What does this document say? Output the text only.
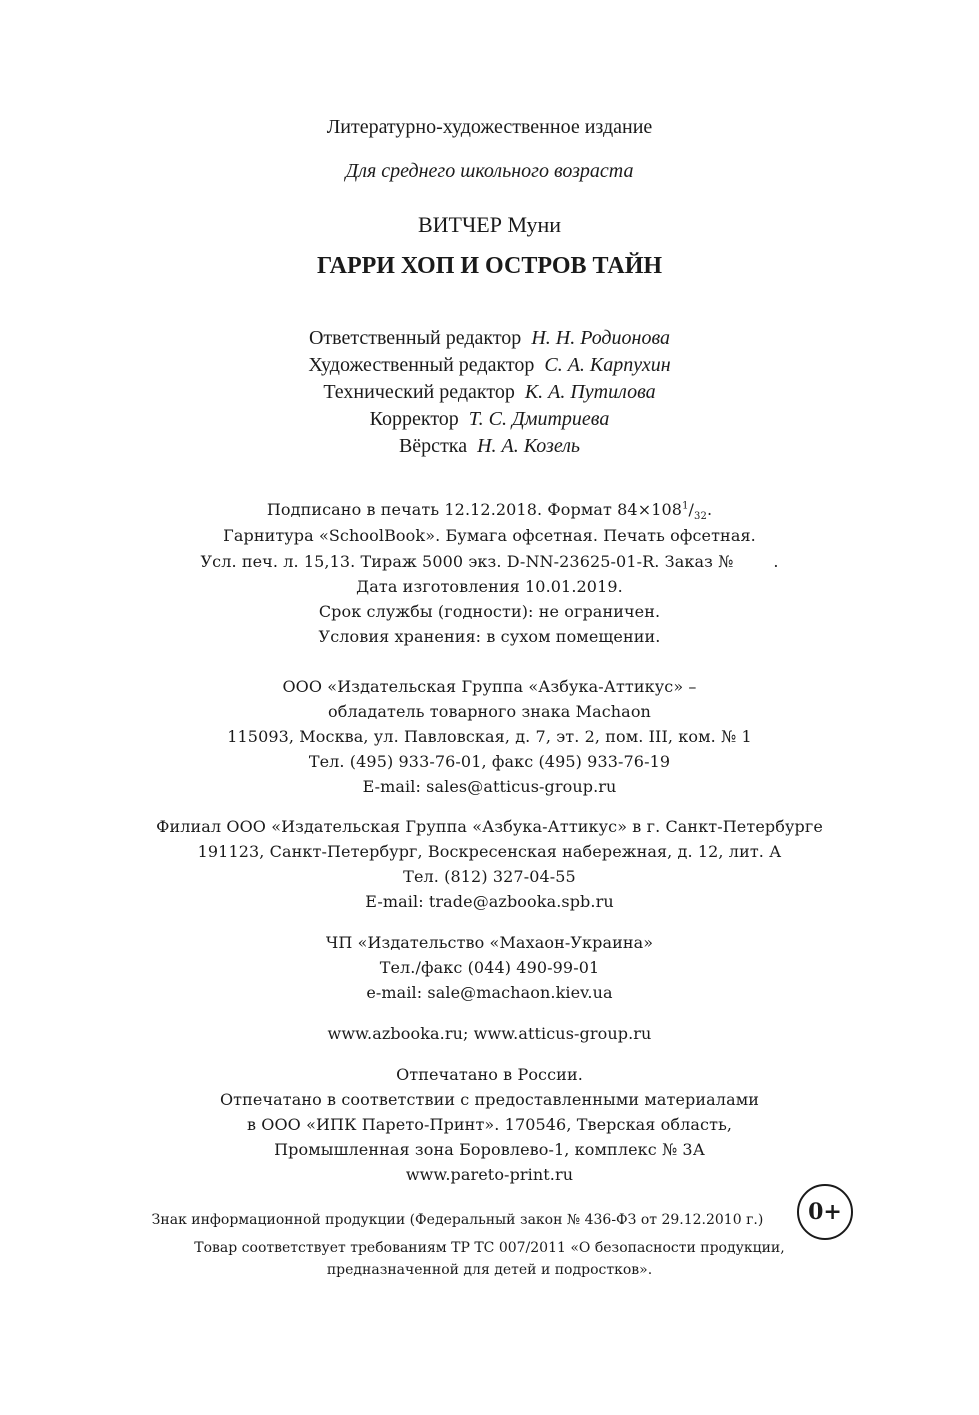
Литературно-художественное издание
Для среднего школьного возраста
ВИТЧЕР Муни
ГАРРИ ХОП И ОСТРОВ ТАЙН
Ответственный редактор Н. Н. Родионова
Художественный редактор С. А. Карпухин
Технический редактор К. А. Путилова
Корректор Т. С. Дмитриева
Вёрстка Н. А. Козель
Подписано в печать 12.12.2018. Формат $84\times 108^1/_{32}$.
Гарнитура «SchoolBook». Бумага офсетная. Печать офсетная.
Усл. печ. л. 15,13. Тираж 5000 экз. D-NN-23625-01-R. Заказ №	.
Дата изготовления 10.01.2019.
Срок службы (годности): не ограничен.
Условия хранения: в сухом помещении.
ООО «Издательская Группа «Азбука-Аттикус» –
обладатель товарного знака Machaon
115093, Москва, ул. Павловская, д. 7, эт. 2, пом. III, ком. № 1
Тел. (495) 933-76-01, факс (495) 933-76-19
E-mail: sales@atticus-group.ru
Филиал ООО «Издательская Группа «Азбука-Аттикус» в г. Санкт-Петербурге
191123, Санкт-Петербург, Воскресенская набережная, д. 12, лит. А
Тел. (812) 327-04-55
E-mail: trade@azbooka.spb.ru
ЧП «Издательство «Махаон-Украина»
Тел./факс (044) 490-99-01
e-mail: sale@machaon.kiev.ua
www.azbooka.ru; www.atticus-group.ru
Отпечатано в России.
Отпечатано в соответствии с предоставленными материалами
в ООО «ИПК Парето-Принт». 170546, Тверская область,
Промышленная зона Боровлево-1, комплекс № 3А
www.pareto-print.ru
Знак информационной продукции (Федеральный закон № 436-ФЗ от 29.12.2010 г.)	0+
Товар соответствует требованиям ТР ТС 007/2011 «О безопасности продукции,
предназначенной для детей и подростков».
